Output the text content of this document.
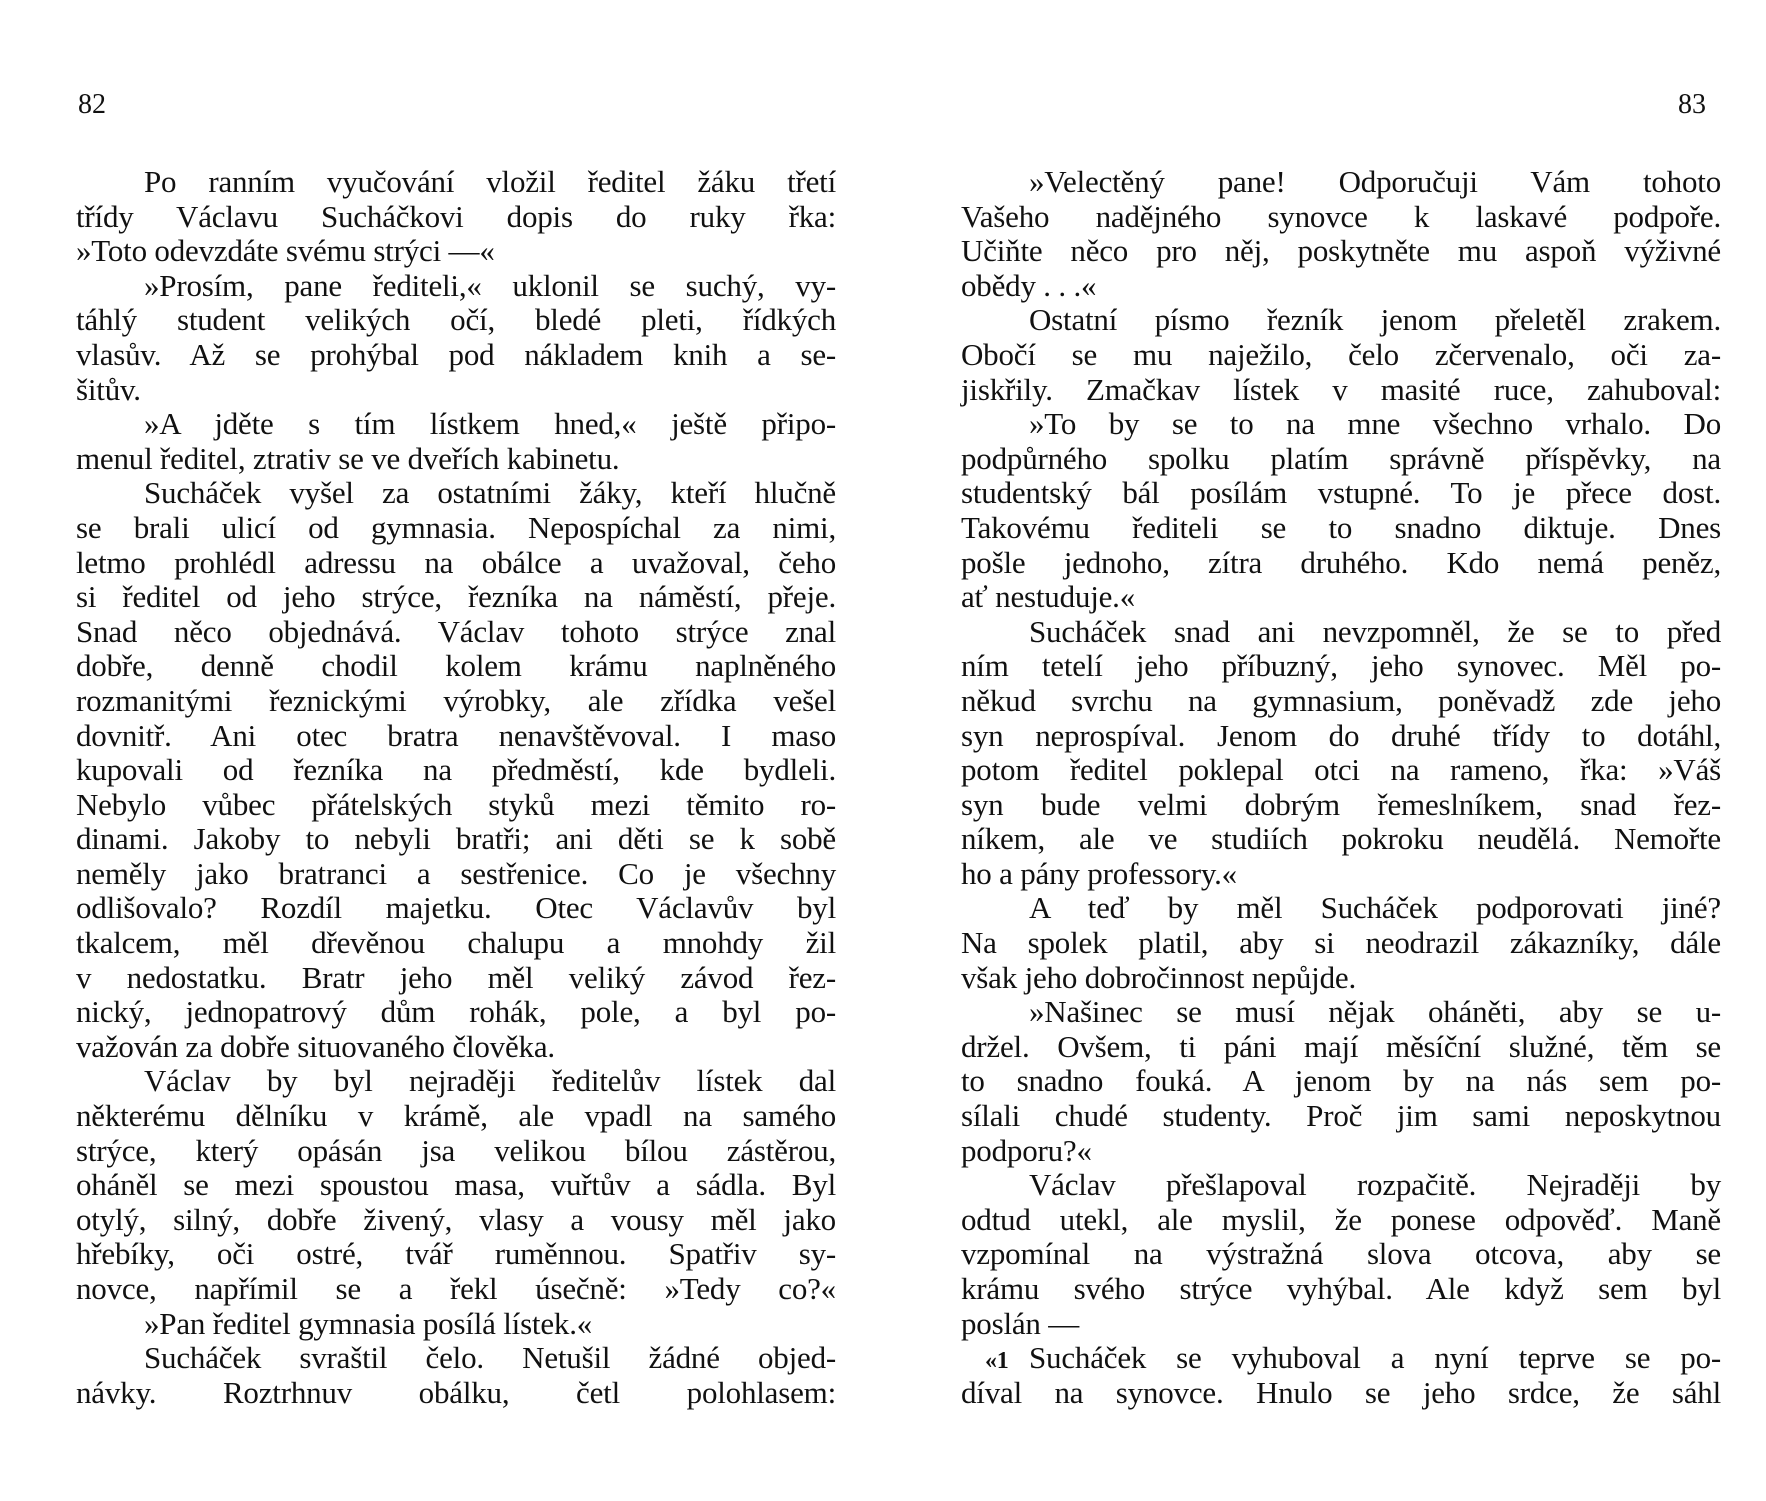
82
Po ranním vyučování vložil ředitel žáku třetí
třídy Václavu Sucháčkovi dopis do ruky řka:
»Toto odevzdáte svému strýci —«
»Prosím, pane řediteli,« uklonil se suchý, vy-
táhlý student velikých očí, bledé pleti, řídkých
vlasův. Až se prohýbal pod nákladem knih a se-
šitův.
»A jděte s tím lístkem hned,« ještě připo-
menul ředitel, ztrativ se ve dveřích kabinetu.
Sucháček vyšel za ostatními žáky, kteří hlučně
se brali ulicí od gymnasia. Nepospíchal za nimi,
letmo prohlédl adressu na obálce a uvažoval, čeho
si ředitel od jeho strýce, řezníka na náměstí, přeje.
Snad něco objednává. Václav tohoto strýce znal
dobře, denně chodil kolem krámu naplněného
rozmanitými řeznickými výrobky, ale zřídka vešel
dovnitř. Ani otec bratra nenavštěvoval. I maso
kupovali od řezníka na předměstí, kde bydleli.
Nebylo vůbec přátelských styků mezi těmito ro-
dinami. Jakoby to nebyli bratři; ani děti se k sobě
neměly jako bratranci a sestřenice. Co je všechny
odlišovalo? Rozdíl majetku. Otec Václavův byl
tkalcem, měl dřevěnou chalupu a mnohdy žil
v nedostatku. Bratr jeho měl veliký závod řez-
nický, jednopatrový dům rohák, pole, a byl po-
važován za dobře situovaného člověka.
Václav by byl nejraději ředitelův lístek dal
některému dělníku v krámě, ale vpadl na samého
strýce, který opásán jsa velikou bílou zástěrou,
oháněl se mezi spoustou masa, vuřtův a sádla. Byl
otylý, silný, dobře živený, vlasy a vousy měl jako
hřebíky, oči ostré, tvář ruměnnou. Spatřiv sy-
novce, napřímil se a řekl úsečně: »Tedy co?«
»Pan ředitel gymnasia posílá lístek.«
Sucháček svraštil čelo. Netušil žádné objed-
návky. Roztrhnuv obálku, četl polohlasem:
83
»Velectěný pane! Odporučuji Vám tohoto
Vašeho nadějného synovce k laskavé podpoře.
Učiňte něco pro něj, poskytněte mu aspoň výživné
obědy . . .«
Ostatní písmo řezník jenom přeletěl zrakem.
Obočí se mu naježilo, čelo zčervenalo, oči za-
jiskřily. Zmačkav lístek v masité ruce, zahuboval:
»To by se to na mne všechno vrhalo. Do
podpůrného spolku platím správně příspěvky, na
studentský bál posílám vstupné. To je přece dost.
Takovému řediteli se to snadno diktuje. Dnes
pošle jednoho, zítra druhého. Kdo nemá peněz,
ať nestuduje.«
Sucháček snad ani nevzpomněl, že se to před
ním tetelí jeho příbuzný, jeho synovec. Měl po-
někud svrchu na gymnasium, poněvadž zde jeho
syn neprospíval. Jenom do druhé třídy to dotáhl,
potom ředitel poklepal otci na rameno, řka: »Váš
syn bude velmi dobrým řemeslníkem, snad řez-
níkem, ale ve studiích pokroku neudělá. Nemořte
ho a pány professory.«
A teď by měl Sucháček podporovati jiné?
Na spolek platil, aby si neodrazil zákazníky, dále
však jeho dobročinnost nepůjde.
»Našinec se musí nějak oháněti, aby se u-
držel. Ovšem, ti páni mají měsíční služné, těm se
to snadno fouká. A jenom by na nás sem po-
sílali chudé studenty. Proč jim sami neposkytnou
podporu?«
Václav přešlapoval rozpačitě. Nejraději by
odtud utekl, ale myslil, že ponese odpověď. Maně
vzpomínal na výstražná slova otcova, aby se
krámu svého strýce vyhýbal. Ale když sem byl
poslán —
«1 Sucháček se vyhuboval a nyní teprve se po-
díval na synovce. Hnulo se jeho srdce, že sáhl
